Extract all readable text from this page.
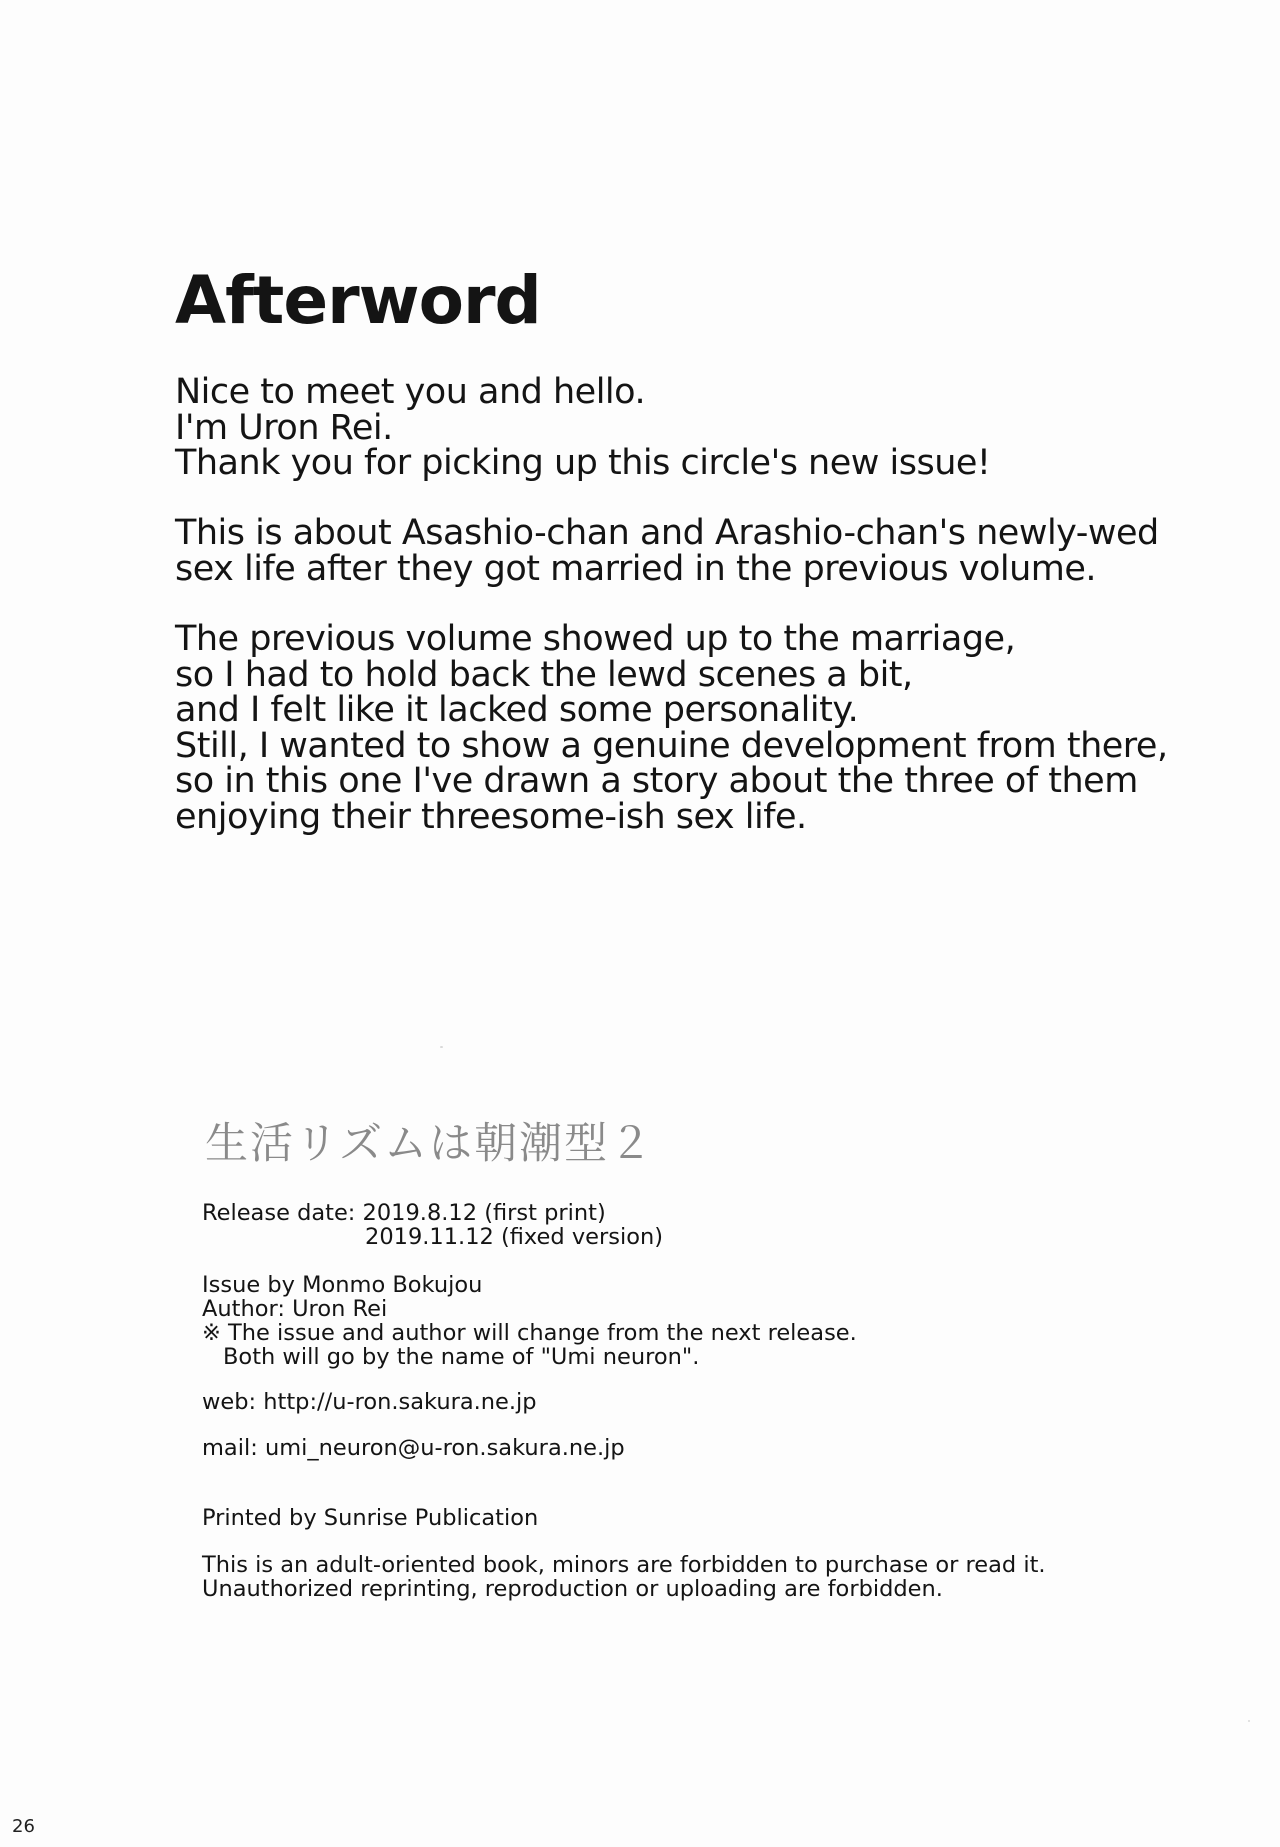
Afterword
Nice to meet you and hello.
I'm Uron Rei.
Thank you for picking up this circle's new issue!
This is about Asashio-chan and Arashio-chan's newly-wed
sex life after they got married in the previous volume.
The previous volume showed up to the marriage,
so I had to hold back the lewd scenes a bit,
and I felt like it lacked some personality.
Still, I wanted to show a genuine development from there,
so in this one I've drawn a story about the three of them
enjoying their threesome-ish sex life.
生活リズムは朝潮型２
Release date: 2019.8.12 (first print)
2019.11.12 (fixed version)
Issue by Monmo Bokujou
Author: Uron Rei
※ The issue and author will change from the next release.
Both will go by the name of "Umi neuron".
web: http://u-ron.sakura.ne.jp
mail: umi_neuron@u-ron.sakura.ne.jp
Printed by Sunrise Publication
This is an adult-oriented book, minors are forbidden to purchase or read it.
Unauthorized reprinting, reproduction or uploading are forbidden.
26
